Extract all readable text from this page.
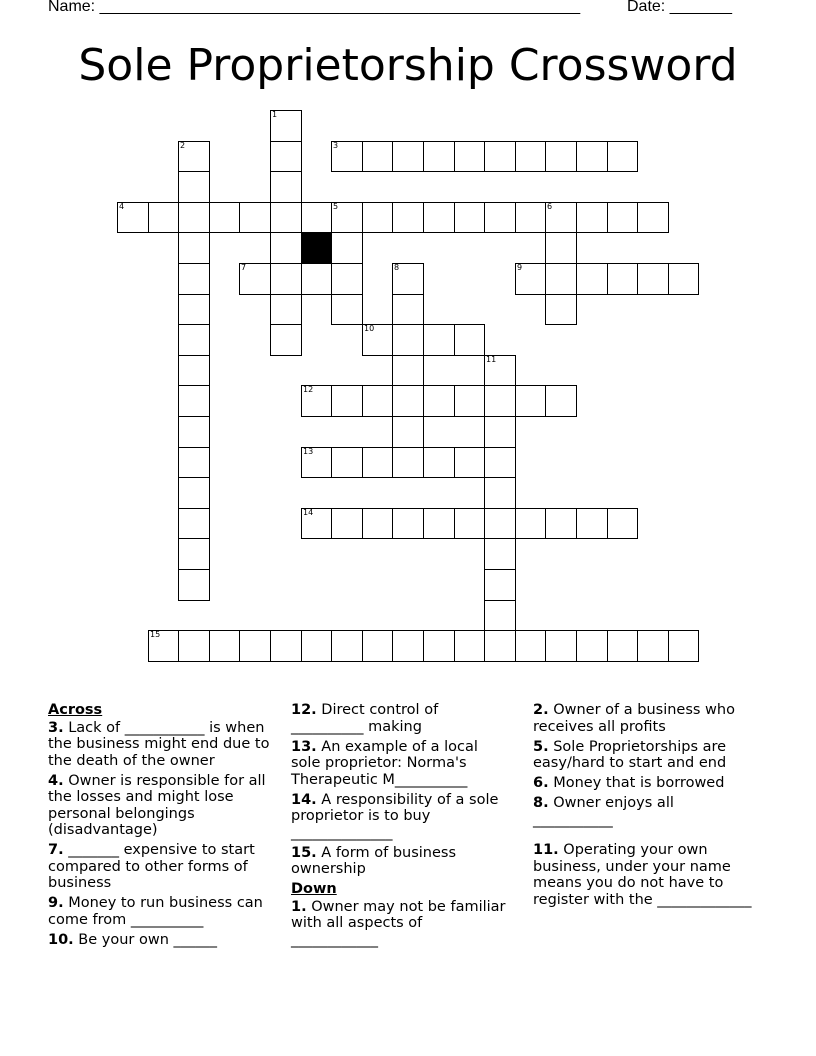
Name: ______________________________________________________	Date: _______
Sole Proprietorship Crossword
1
2	3
4	5	6
7	8	9
10
11
12
13
14
15
Across
3. Lack of ___________ is when the business might end due to the death of the owner
4. Owner is responsible for all the losses and might lose personal belongings (disadvantage)
7. _______ expensive to start compared to other forms of business
9. Money to run business can come from __________
10. Be your own ______
12. Direct control of __________ making
13. An example of a local sole proprietor: Norma's Therapeutic M__________
14. A responsibility of a sole proprietor is to buy ______________
15. A form of business ownership
Down
1. Owner may not be familiar with all aspects of ____________
2. Owner of a business who receives all profits
5. Sole Proprietorships are easy/hard to start and end
6. Money that is borrowed
8. Owner enjoys all ___________
11. Operating your own business, under your name means you do not have to register with the _____________
